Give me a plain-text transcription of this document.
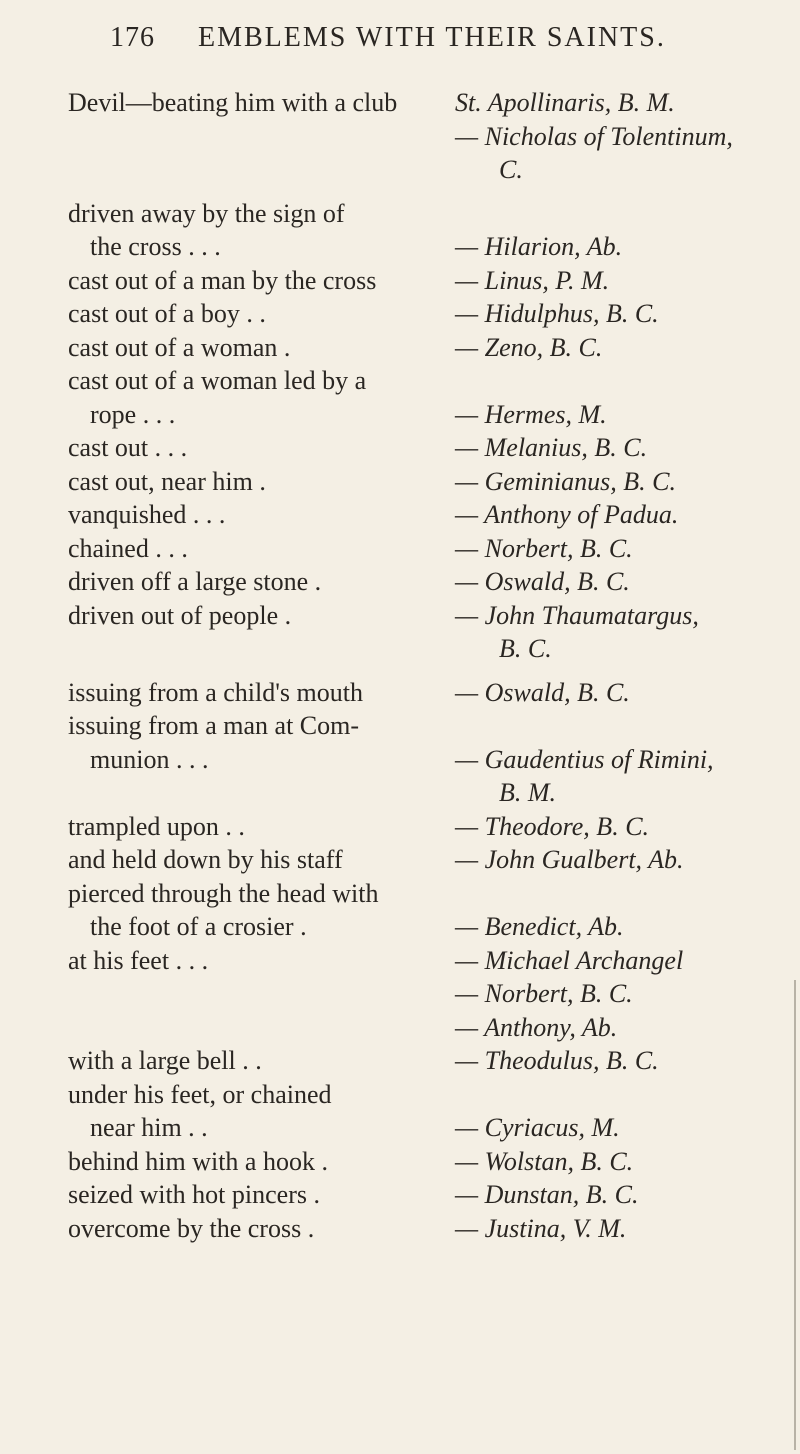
176 EMBLEMS WITH THEIR SAINTS.
Devil—beating him with a club	St. Apollinaris, B. M.

— Nicholas of Tolentinum,
C.
driven away by the sign of
the cross . . .
	— Hilarion, Ab.
cast out of a man by the cross	— Linus, P. M.
cast out of a boy . .	— Hidulphus, B. C.
cast out of a woman .	— Zeno, B. C.
cast out of a woman led by a
rope . . .
	— Hermes, M.
cast out . . .	— Melanius, B. C.
cast out, near him .	— Geminianus, B. C.
vanquished . . .	— Anthony of Padua.
chained . . .	— Norbert, B. C.
driven off a large stone .	— Oswald, B. C.
driven out of people .	— John Thaumatargus,
B. C.
issuing from a child's mouth	— Oswald, B. C.
issuing from a man at Com-
munion . . .
	— Gaudentius of Rimini,
B. M.
trampled upon . .	— Theodore, B. C.
and held down by his staff	— John Gualbert, Ab.
pierced through the head with
the foot of a crosier .
	— Benedict, Ab.
at his feet . . .	— Michael Archangel
— Norbert, B. C.
— Anthony, Ab.
with a large bell . .	— Theodulus, B. C.
under his feet, or chained
near him . .
	— Cyriacus, M.
behind him with a hook .	— Wolstan, B. C.
seized with hot pincers .	— Dunstan, B. C.
overcome by the cross .	— Justina, V. M.
